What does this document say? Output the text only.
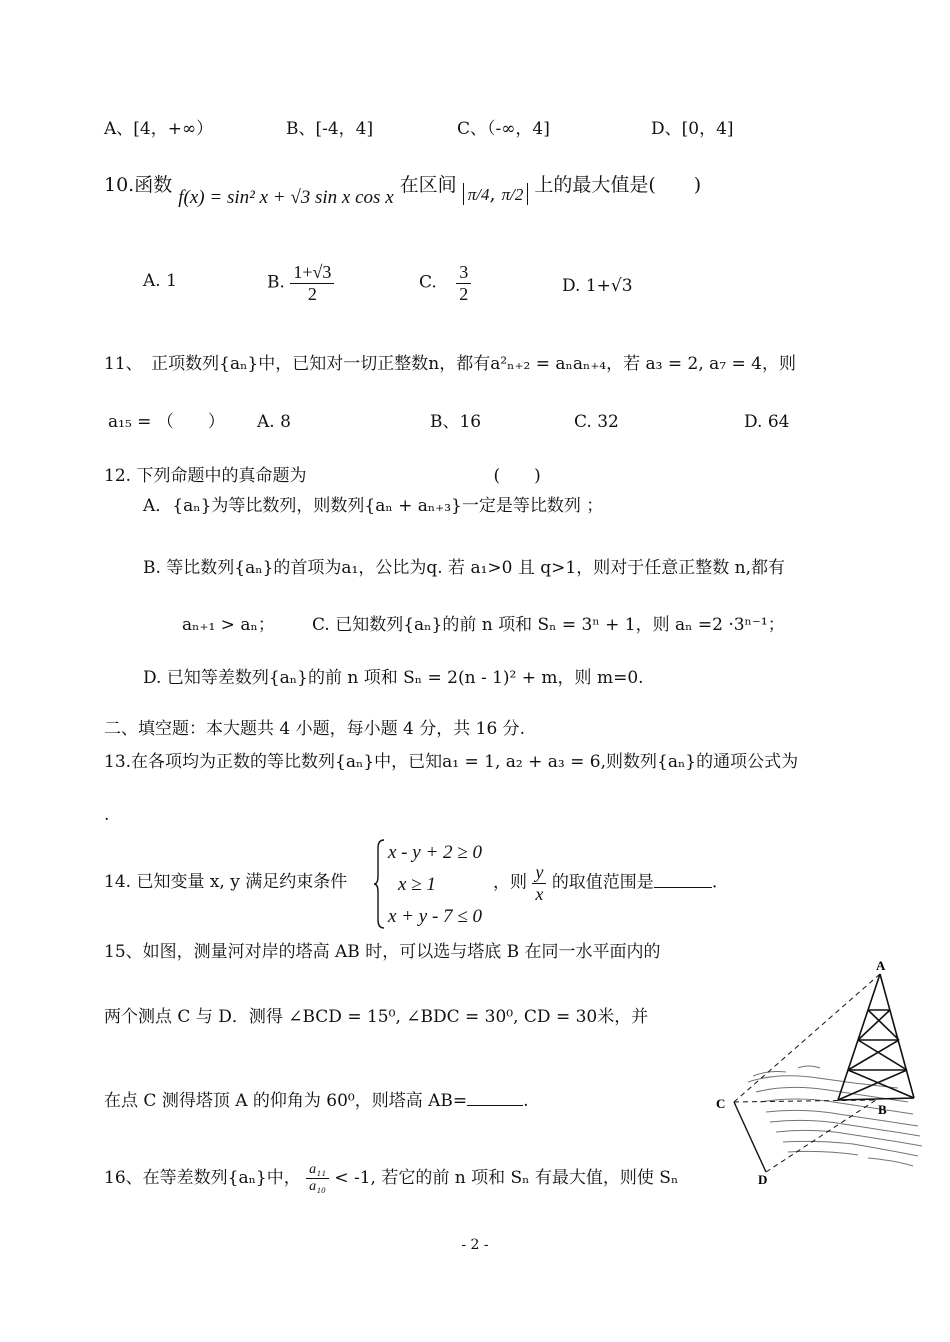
A、[4，+∞）	B、[-4，4]	C、（-∞，4]	D、[0，4]
10.函数 f(x) = sin² x + √3 sin x cos x 在区间 π/4, π/2 上的最大值是(　　)
A. 1	B. $\frac{1+√3}{2}$	C. $\frac{3}{2}$	D. 1+√3
11、　正项数列{aₙ}中，已知对一切正整数n，都有a²ₙ₊₂ = aₙaₙ₊₄，若 a₃ = 2, a₇ = 4，则
a₁₅ = （　　） A. 8	B、16	C. 32	D. 64
12. 下列命题中的真命题为　　　　　　　　　　　(　　)
A．{aₙ}为等比数列，则数列{aₙ + aₙ₊₃}一定是等比数列 ；
B. 等比数列{aₙ}的首项为a₁，公比为q. 若 a₁>0 且 q>1，则对于任意正整数 n,都有
aₙ₊₁ > aₙ； C. 已知数列{aₙ}的前 n 项和 Sₙ = 3ⁿ + 1，则 aₙ =2 ·3ⁿ⁻¹；
D. 已知等差数列{aₙ}的前 n 项和 Sₙ = 2(n - 1)² + m，则 m=0.
二、填空题：本大题共 4 小题，每小题 4 分，共 16 分.
13.在各项均为正数的等比数列{aₙ}中，已知a₁ = 1, a₂ + a₃ = 6,则数列{aₙ}的通项公式为
.
14. 已知变量 x, y 满足约束条件
x - y + 2 ≥ 0
x ≥ 1
x + y - 7 ≤ 0
，则 $\frac{y}{x}$ 的取值范围是	.
15、如图，测量河对岸的塔高 AB 时，可以选与塔底 B 在同一水平面内的
两个测点 C 与 D．测得 ∠BCD = 15⁰, ∠BDC = 30⁰, CD = 30米，并
在点 C 测得塔顶 A 的仰角为 60⁰，则塔高 AB=	.
16、在等差数列{aₙ}中， $\frac{\text{a₁₁}}{\text{a₁₀}} < -1$, 若它的前 n 项和 Sₙ 有最大值，则使 Sₙ
A
B
C
D
- 2 -
